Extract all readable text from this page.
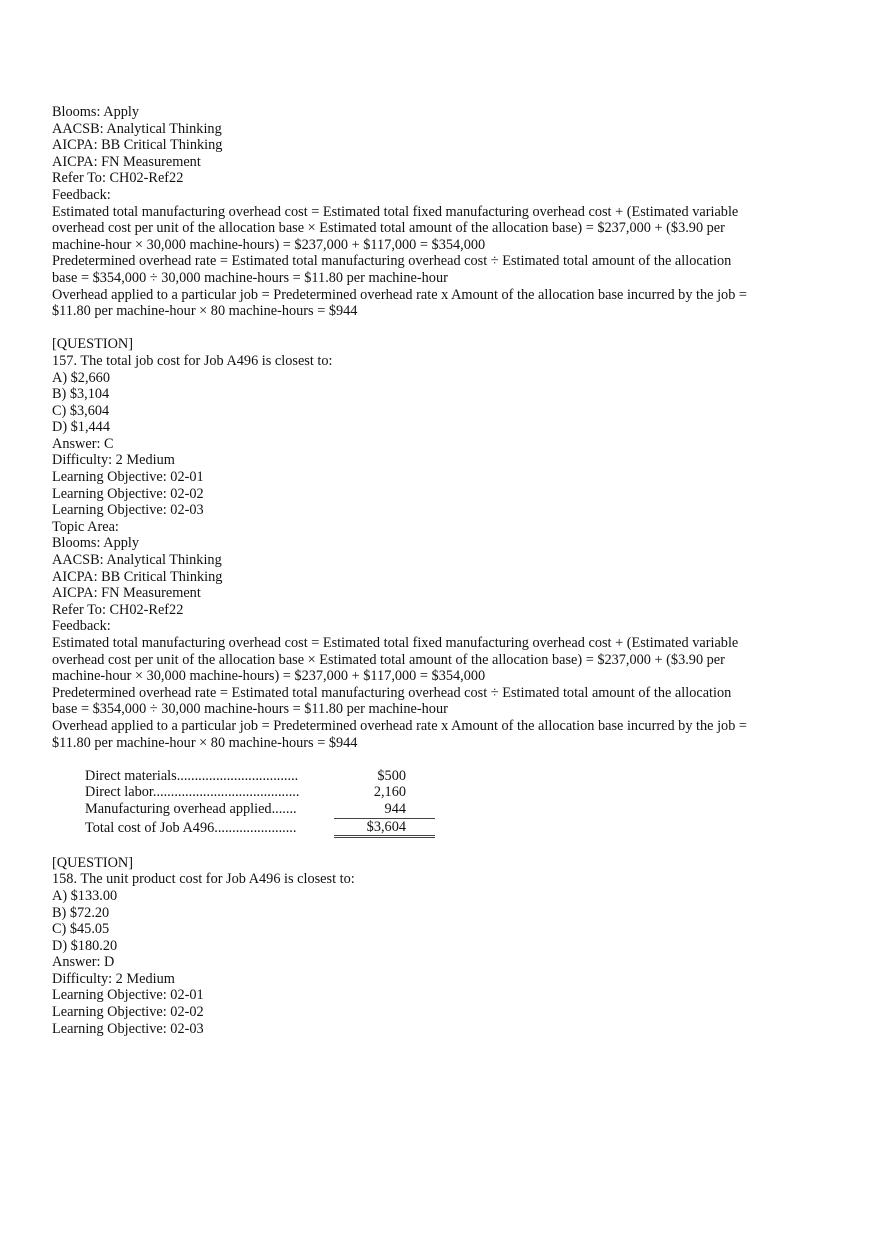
Blooms: Apply
AACSB: Analytical Thinking
AICPA: BB Critical Thinking
AICPA: FN Measurement
Refer To: CH02-Ref22
Feedback:
Estimated total manufacturing overhead cost = Estimated total fixed manufacturing overhead cost + (Estimated variable
overhead cost per unit of the allocation base × Estimated total amount of the allocation base) = $237,000 + ($3.90 per
machine-hour × 30,000 machine-hours) = $237,000 + $117,000 = $354,000
Predetermined overhead rate = Estimated total manufacturing overhead cost ÷ Estimated total amount of the allocation
base = $354,000 ÷ 30,000 machine-hours = $11.80 per machine-hour
Overhead applied to a particular job = Predetermined overhead rate x Amount of the allocation base incurred by the job =
$11.80 per machine-hour × 80 machine-hours = $944
[QUESTION]
157. The total job cost for Job A496 is closest to:
A) $2,660
B) $3,104
C) $3,604
D) $1,444
Answer: C
Difficulty: 2 Medium
Learning Objective: 02-01
Learning Objective: 02-02
Learning Objective: 02-03
Topic Area:
Blooms: Apply
AACSB: Analytical Thinking
AICPA: BB Critical Thinking
AICPA: FN Measurement
Refer To: CH02-Ref22
Feedback:
Estimated total manufacturing overhead cost = Estimated total fixed manufacturing overhead cost + (Estimated variable
overhead cost per unit of the allocation base × Estimated total amount of the allocation base) = $237,000 + ($3.90 per
machine-hour × 30,000 machine-hours) = $237,000 + $117,000 = $354,000
Predetermined overhead rate = Estimated total manufacturing overhead cost ÷ Estimated total amount of the allocation
base = $354,000 ÷ 30,000 machine-hours = $11.80 per machine-hour
Overhead applied to a particular job = Predetermined overhead rate x Amount of the allocation base incurred by the job =
$11.80 per machine-hour × 80 machine-hours = $944
Direct materials..................................	$500
Direct labor.........................................	2,160
Manufacturing overhead applied.......	944
Total cost of Job A496.......................	$3,604
[QUESTION]
158. The unit product cost for Job A496 is closest to:
A) $133.00
B) $72.20
C) $45.05
D) $180.20
Answer: D
Difficulty: 2 Medium
Learning Objective: 02-01
Learning Objective: 02-02
Learning Objective: 02-03
